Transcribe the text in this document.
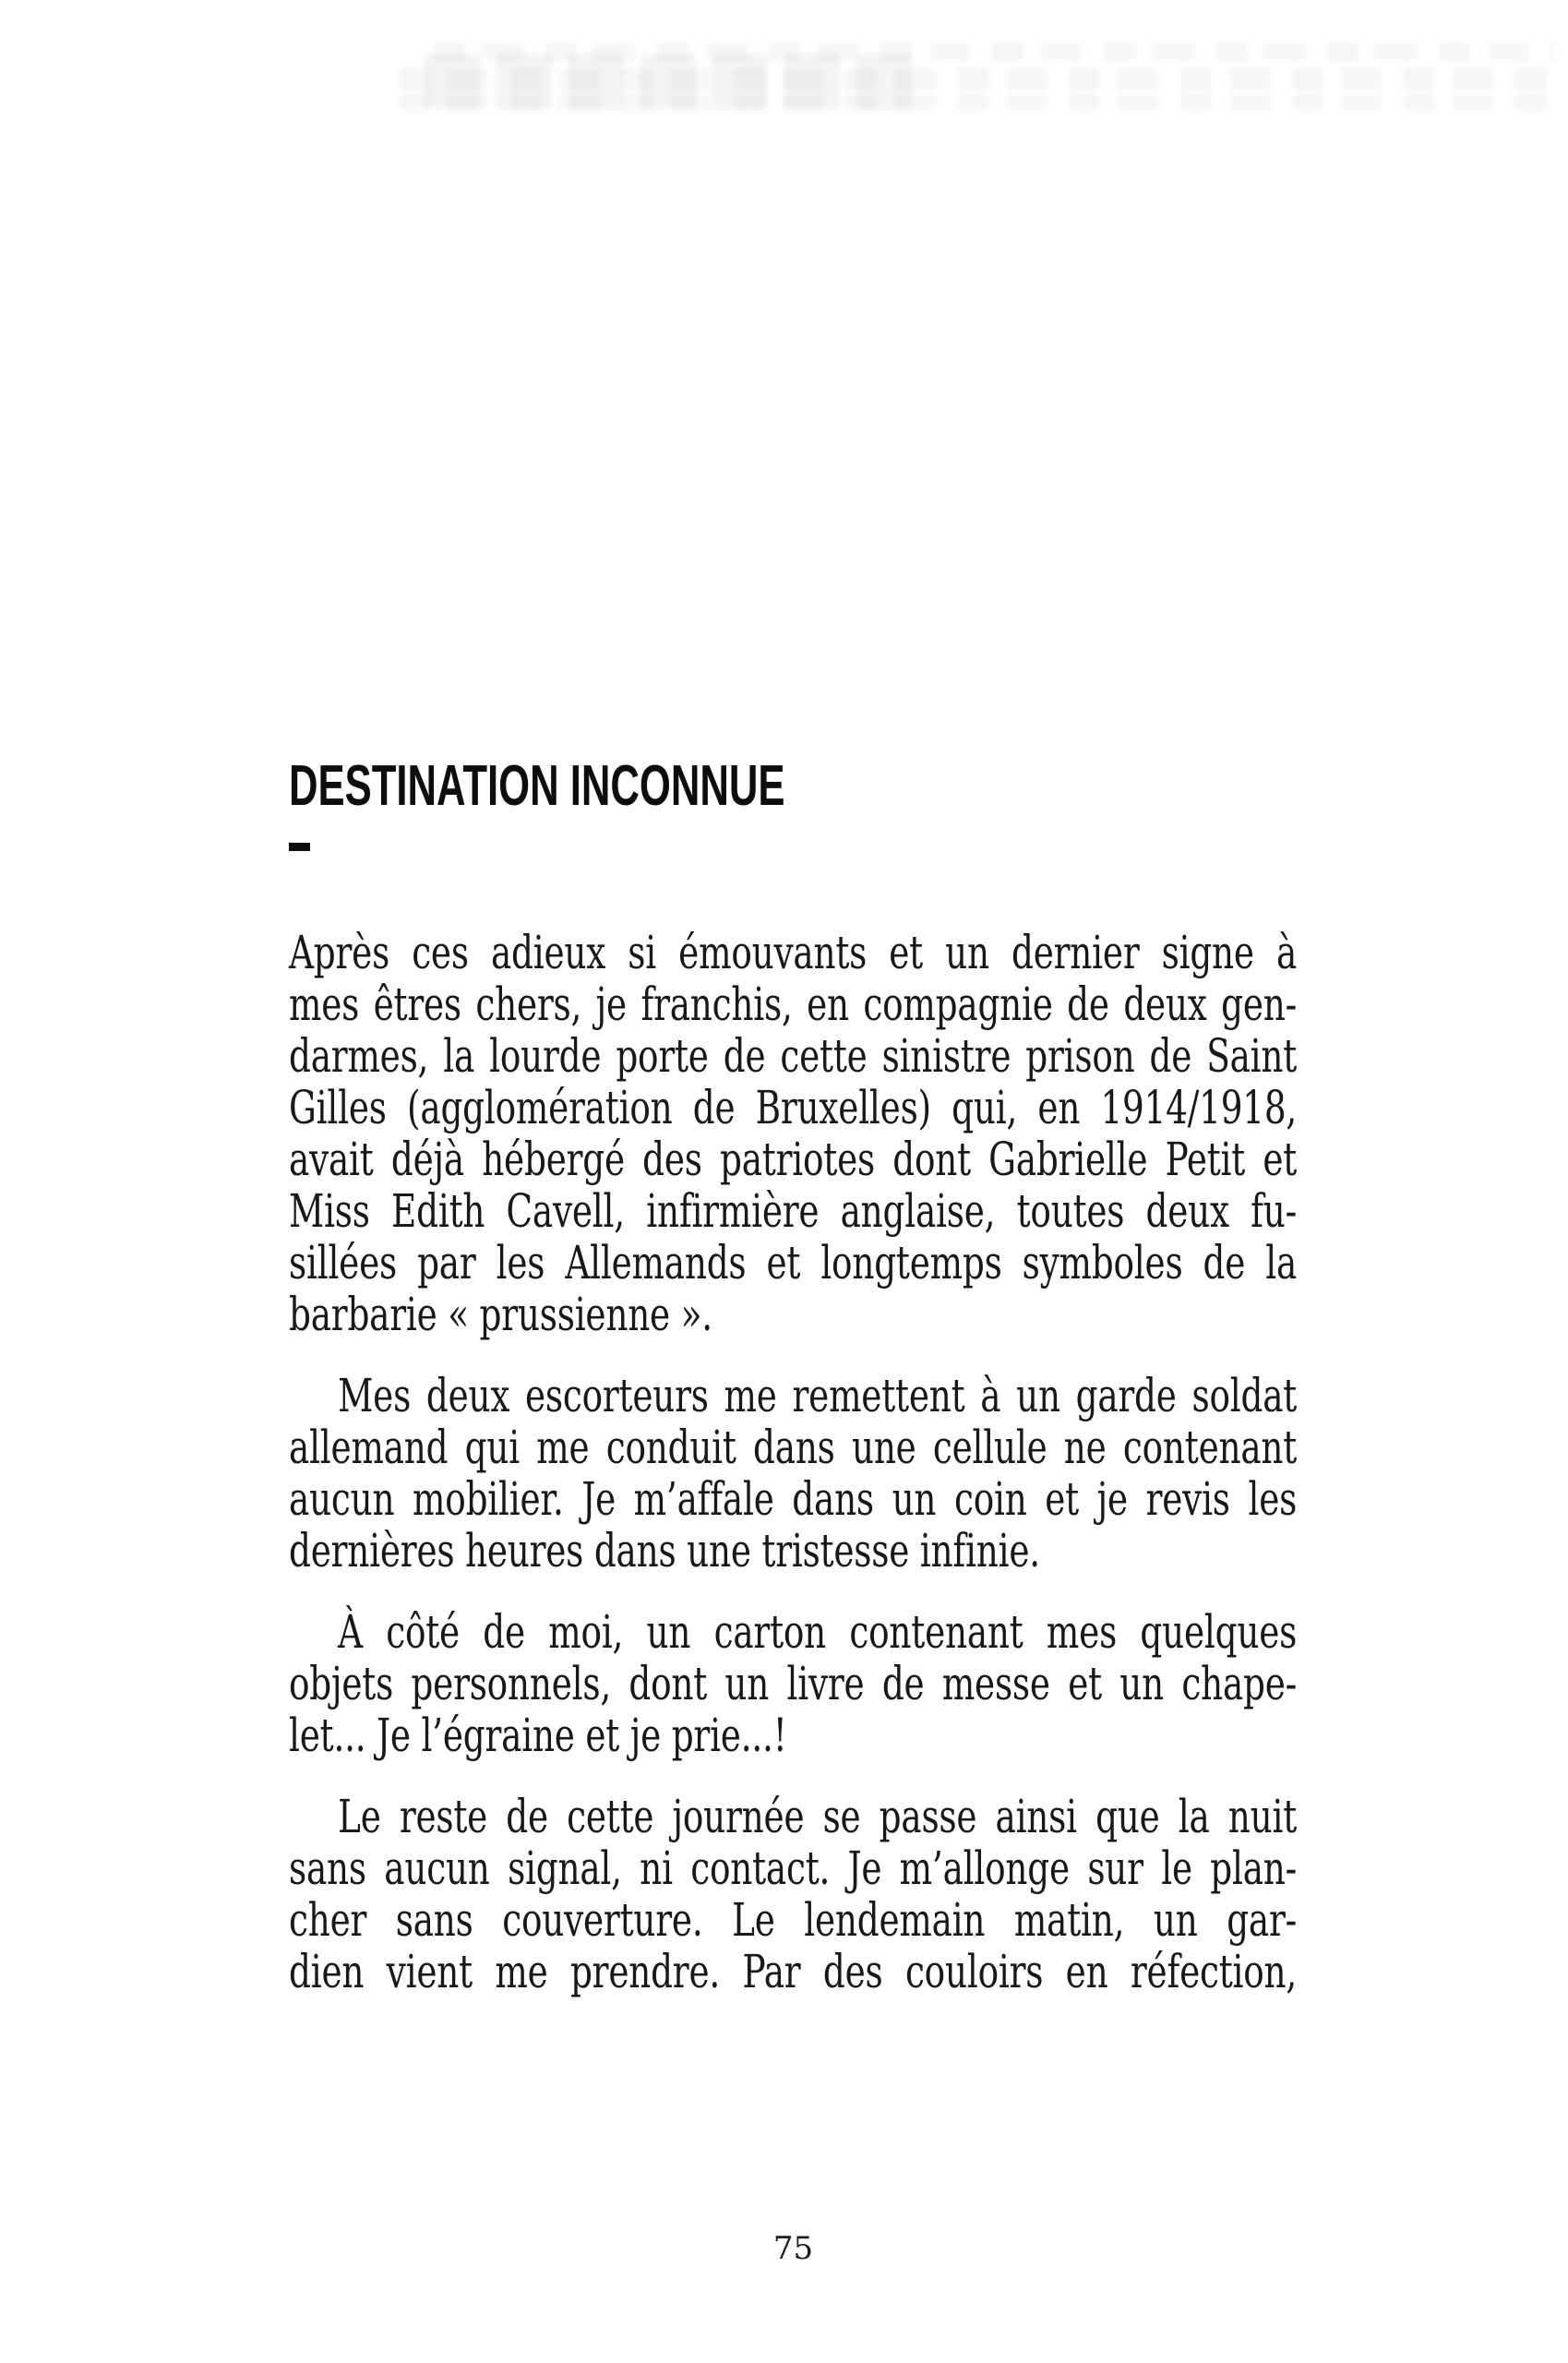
DESTINATION INCONNUE
Après ces adieux si émouvants et un dernier signe à
mes êtres chers, je franchis, en compagnie de deux gen-
darmes, la lourde porte de cette sinistre prison de Saint
Gilles (agglomération de Bruxelles) qui, en 1914/1918,
avait déjà hébergé des patriotes dont Gabrielle Petit et
Miss Edith Cavell, infirmière anglaise, toutes deux fu-
sillées par les Allemands et longtemps symboles de la
barbarie « prussienne ».
Mes deux escorteurs me remettent à un garde soldat
allemand qui me conduit dans une cellule ne contenant
aucun mobilier. Je m’affale dans un coin et je revis les
dernières heures dans une tristesse infinie.
À côté de moi, un carton contenant mes quelques
objets personnels, dont un livre de messe et un chape-
let... Je l’égraine et je prie...!
Le reste de cette journée se passe ainsi que la nuit
sans aucun signal, ni contact. Je m’allonge sur le plan-
cher sans couverture. Le lendemain matin, un gar-
dien vient me prendre. Par des couloirs en réfection,
75
